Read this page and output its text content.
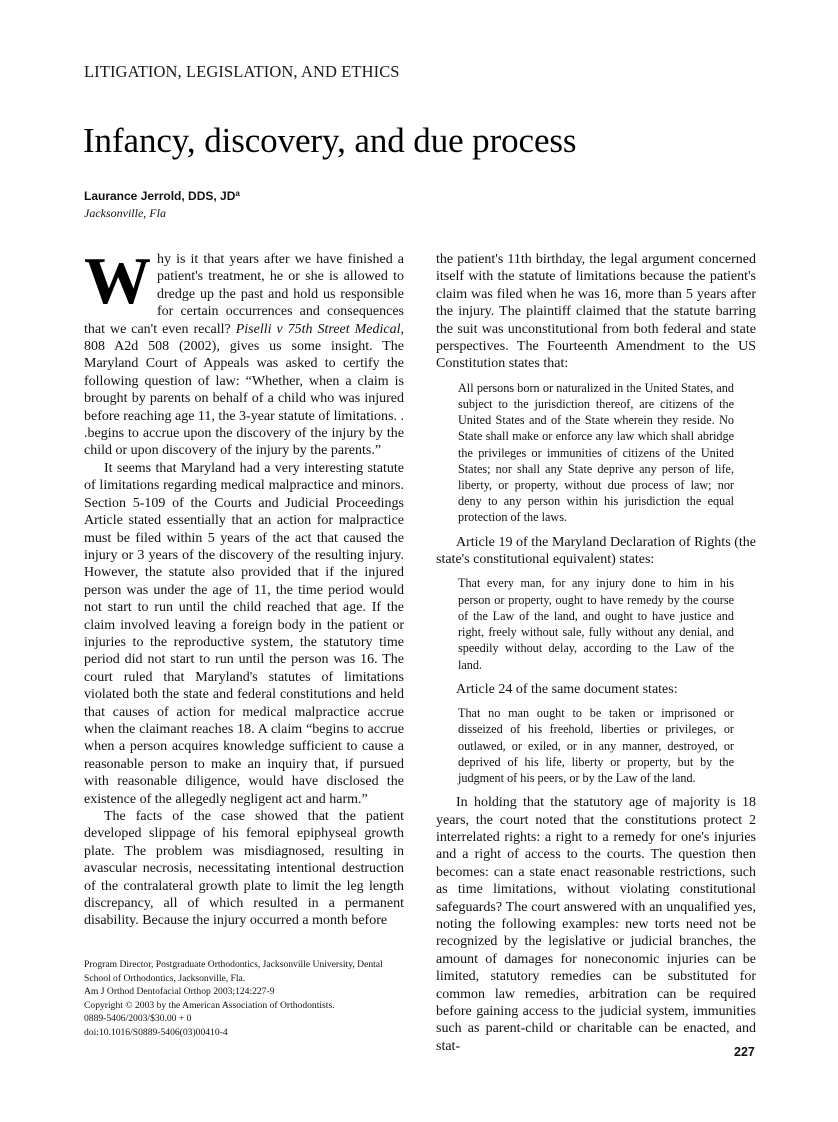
LITIGATION, LEGISLATION, AND ETHICS
Infancy, discovery, and due process
Laurance Jerrold, DDS, $JD^a$
Jacksonville, Fla

Why is it that years after we have finished a patient's treatment, he or she is allowed to dredge up the past and hold us responsible for certain occurrences and consequences that we can't even recall? Piselli v 75th Street Medical, 808 A2d 508 (2002), gives us some insight. The Maryland Court of Appeals was asked to certify the following question of law: “Whether, when a claim is brought by parents on behalf of a child who was injured before reaching age 11, the 3-year statute of limitations. . .begins to accrue upon the discovery of the injury by the child or upon discovery of the injury by the parents.”

It seems that Maryland had a very interesting statute of limitations regarding medical malpractice and minors. Section 5-109 of the Courts and Judicial Proceedings Article stated essentially that an action for malpractice must be filed within 5 years of the act that caused the injury or 3 years of the discovery of the resulting injury. However, the statute also provided that if the injured person was under the age of 11, the time period would not start to run until the child reached that age. If the claim involved leaving a foreign body in the patient or injuries to the reproductive system, the statutory time period did not start to run until the person was 16. The court ruled that Maryland's statutes of limitations violated both the state and federal constitutions and held that causes of action for medical malpractice accrue when the claimant reaches 18. A claim “begins to accrue when a person acquires knowledge sufficient to cause a reasonable person to make an inquiry that, if pursued with reasonable diligence, would have disclosed the existence of the allegedly negligent act and harm.”

The facts of the case showed that the patient developed slippage of his femoral epiphyseal growth plate. The problem was misdiagnosed, resulting in avascular necrosis, necessitating intentional destruction of the contralateral growth plate to limit the leg length discrepancy, all of which resulted in a permanent disability. Because the injury occurred a month before

Program Director, Postgraduate Orthodontics, Jacksonville University, Dental
School of Orthodontics, Jacksonville, Fla.
Am J Orthod Dentofacial Orthop 2003;124:227-9
Copyright © 2003 by the American Association of Orthodontists.
0889-5406/2003/$30.00 + 0
doi:10.1016/S0889-5406(03)00410-4

the patient's 11th birthday, the legal argument concerned itself with the statute of limitations because the patient's claim was filed when he was 16, more than 5 years after the injury. The plaintiff claimed that the statute barring the suit was unconstitutional from both federal and state perspectives. The Fourteenth Amendment to the US Constitution states that:

All persons born or naturalized in the United States, and subject to the jurisdiction thereof, are citizens of the United States and of the State wherein they reside. No State shall make or enforce any law which shall abridge the privileges or immunities of citizens of the United States; nor shall any State deprive any person of life, liberty, or property, without due process of law; nor deny to any person within his jurisdiction the equal protection of the laws.

Article 19 of the Maryland Declaration of Rights (the state's constitutional equivalent) states:

That every man, for any injury done to him in his person or property, ought to have remedy by the course of the Law of the land, and ought to have justice and right, freely without sale, fully without any denial, and speedily without delay, according to the Law of the land.

Article 24 of the same document states:

That no man ought to be taken or imprisoned or disseized of his freehold, liberties or privileges, or outlawed, or exiled, or in any manner, destroyed, or deprived of his life, liberty or property, but by the judgment of his peers, or by the Law of the land.

In holding that the statutory age of majority is 18 years, the court noted that the constitutions protect 2 interrelated rights: a right to a remedy for one's injuries and a right of access to the courts. The question then becomes: can a state enact reasonable restrictions, such as time limitations, without violating constitutional safeguards? The court answered with an unqualified yes, noting the following examples: new torts need not be recognized by the legislative or judicial branches, the amount of damages for noneconomic injuries can be limited, statutory remedies can be substituted for common law remedies, arbitration can be required before gaining access to the judicial system, immunities such as parent-child or charitable can be enacted, and stat-	227
